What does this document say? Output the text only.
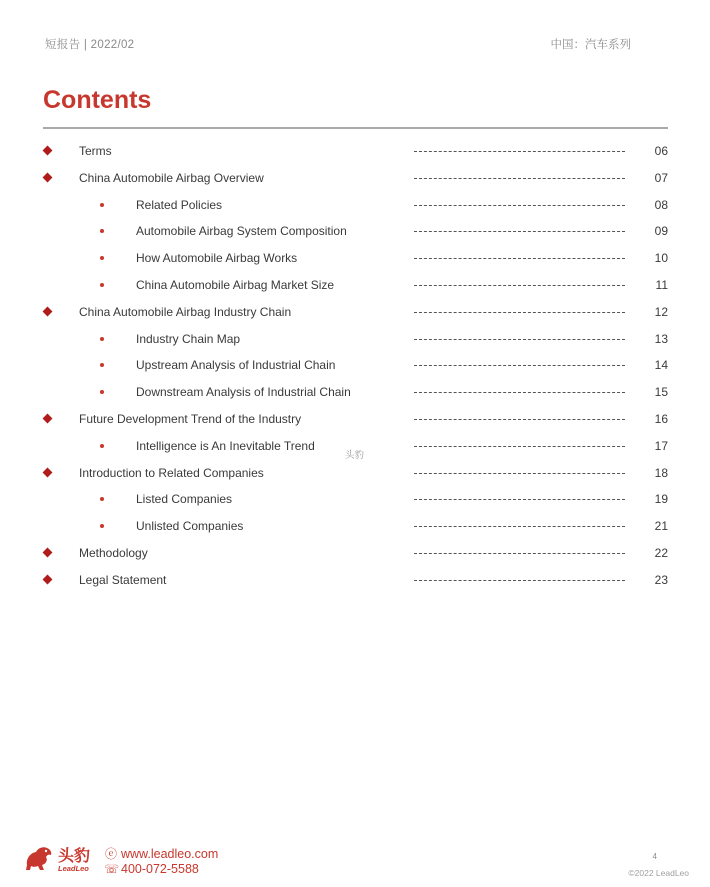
短报告 | 2022/02	中国：汽车系列
Contents
Terms	06
China Automobile Airbag Overview	07
Related Policies	08
Automobile Airbag System Composition	09
How Automobile Airbag Works	10
China Automobile Airbag Market Size	11
China Automobile Airbag Industry Chain	12
Industry Chain Map	13
Upstream Analysis of Industrial Chain	14
Downstream Analysis of Industrial Chain	15
Future Development Trend of the Industry	16
Intelligence is An Inevitable Trend	17
Introduction to Related Companies	18
Listed Companies	19
Unlisted Companies	21
Methodology	22
Legal Statement	23
头豹
头豹
LeadLeo
ⓔ www.leadleo.com
☏ 400-072-5588
4
©2022 LeadLeo
